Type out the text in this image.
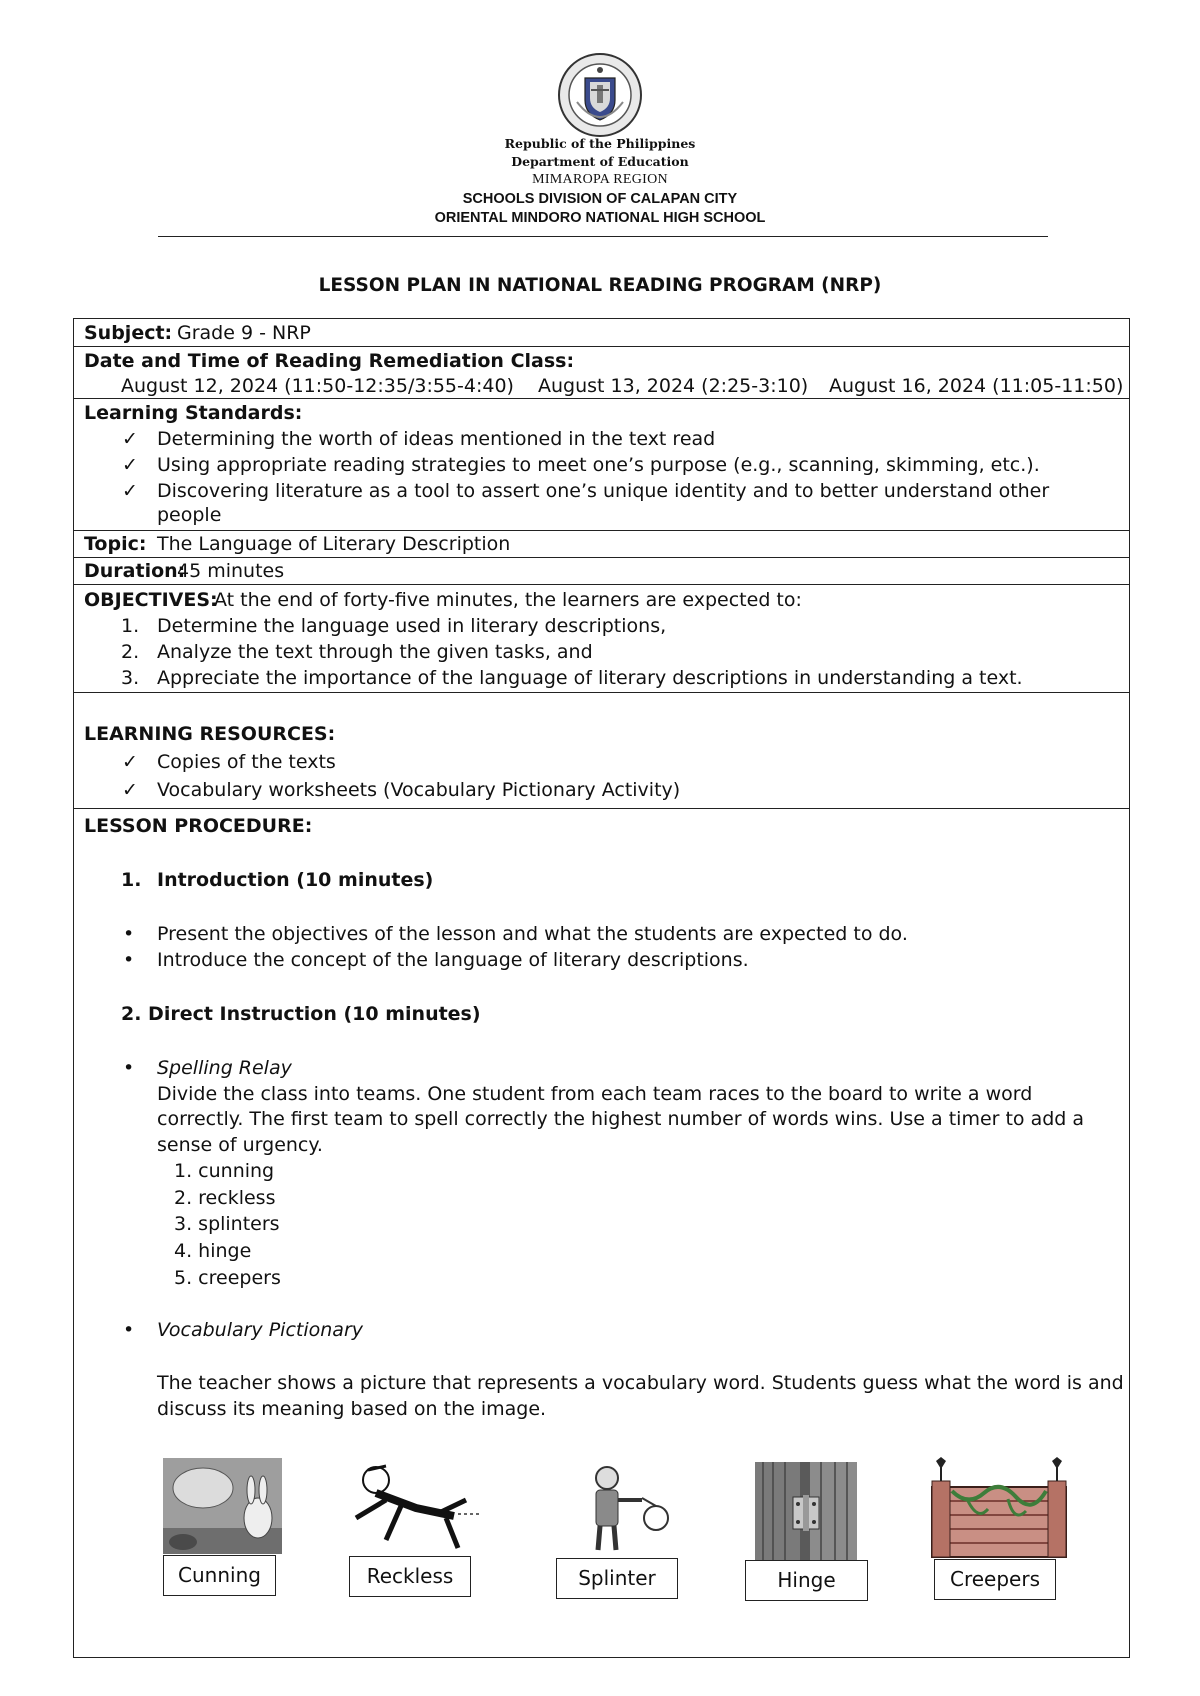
Republic of the Philippines
Department of Education
MIMAROPA REGION
SCHOOLS DIVISION OF CALAPAN CITY
ORIENTAL MINDORO NATIONAL HIGH SCHOOL
LESSON PLAN IN NATIONAL READING PROGRAM (NRP)
Subject: Grade 9 - NRP
Date and Time of Reading Remediation Class:
August 12, 2024 (11:50-12:35/3:55-4:40) August 13, 2024 (2:25-3:10) August 16, 2024 (11:05-11:50)
Learning Standards:
✓ Determining the worth of ideas mentioned in the text read
✓ Using appropriate reading strategies to meet one’s purpose (e.g., scanning, skimming, etc.).
✓ Discovering literature as a tool to assert one’s unique identity and to better understand other
people
Topic: The Language of Literary Description
Duration:
45 minutes
OBJECTIVES:
At the end of forty-five minutes, the learners are expected to:
1. Determine the language used in literary descriptions,
2. Analyze the text through the given tasks, and
3. Appreciate the importance of the language of literary descriptions in understanding a text.
LEARNING RESOURCES:
✓ Copies of the texts
✓ Vocabulary worksheets (Vocabulary Pictionary Activity)
LESSON PROCEDURE:
1. Introduction (10 minutes)
• Present the objectives of the lesson and what the students are expected to do.
• Introduce the concept of the language of literary descriptions.
2. Direct Instruction (10 minutes)
• Spelling Relay
Divide the class into teams. One student from each team races to the board to write a word
correctly. The first team to spell correctly the highest number of words wins. Use a timer to add a
sense of urgency.
1. cunning
2. reckless
3. splinters
4. hinge
5. creepers
• Vocabulary Pictionary
The teacher shows a picture that represents a vocabulary word. Students guess what the word is and
discuss its meaning based on the image.
Cunning	Reckless	Splinter	Hinge	Creepers
